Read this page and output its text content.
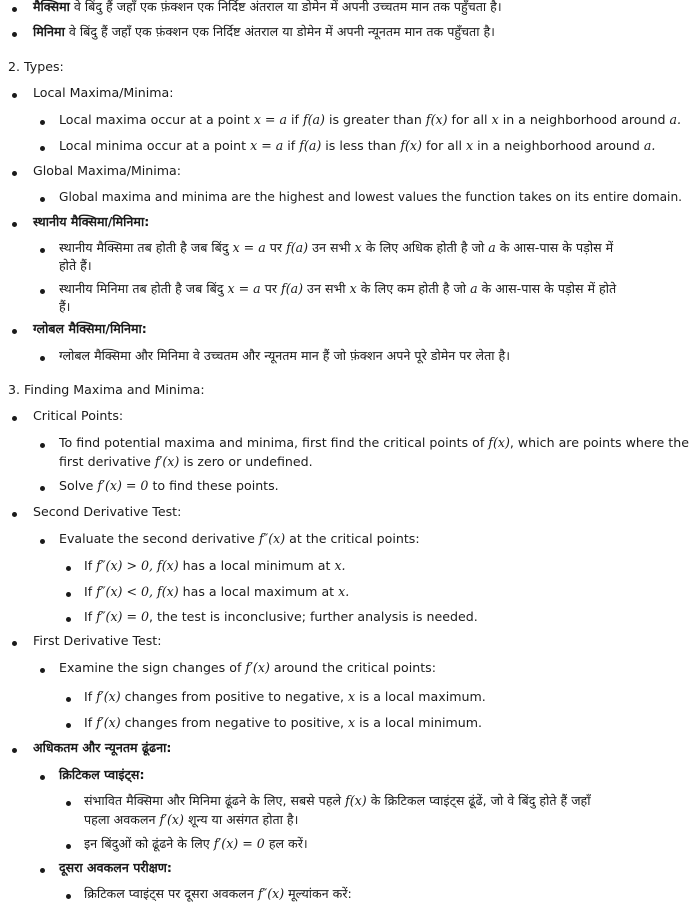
मैक्सिमा वे बिंदु हैं जहाँ एक फ़ंक्शन एक निर्दिष्ट अंतराल या डोमेन में अपनी उच्चतम मान तक पहुँचता है।
मिनिमा वे बिंदु हैं जहाँ एक फ़ंक्शन एक निर्दिष्ट अंतराल या डोमेन में अपनी न्यूनतम मान तक पहुँचता है।
2. Types:
Local Maxima/Minima:
Local maxima occur at a point x = a if f(a) is greater than f(x) for all x in a neighborhood around a.
Local minima occur at a point x = a if f(a) is less than f(x) for all x in a neighborhood around a.
Global Maxima/Minima:
Global maxima and minima are the highest and lowest values the function takes on its entire domain.
स्थानीय मैक्सिमा/मिनिमा:
स्थानीय मैक्सिमा तब होती है जब बिंदु x = a पर f(a) उन सभी x के लिए अधिक होती है जो a के आस-पास के पड़ोस में होते हैं।
स्थानीय मिनिमा तब होती है जब बिंदु x = a पर f(a) उन सभी x के लिए कम होती है जो a के आस-पास के पड़ोस में होते हैं।
ग्लोबल मैक्सिमा/मिनिमा:
ग्लोबल मैक्सिमा और मिनिमा वे उच्चतम और न्यूनतम मान हैं जो फ़ंक्शन अपने पूरे डोमेन पर लेता है।
3. Finding Maxima and Minima:
Critical Points:
To find potential maxima and minima, first find the critical points of f(x), which are points where the
first derivative f′(x) is zero or undefined.
Solve f′(x) = 0 to find these points.
Second Derivative Test:
Evaluate the second derivative f″(x) at the critical points:
If f″(x) > 0, f(x) has a local minimum at x.
If f″(x) < 0, f(x) has a local maximum at x.
If f″(x) = 0, the test is inconclusive; further analysis is needed.
First Derivative Test:
Examine the sign changes of f′(x) around the critical points:
If f′(x) changes from positive to negative, x is a local maximum.
If f′(x) changes from negative to positive, x is a local minimum.
अधिकतम और न्यूनतम ढूंढना:
क्रिटिकल प्वाइंट्स:
संभावित मैक्सिमा और मिनिमा ढूंढने के लिए, सबसे पहले f(x) के क्रिटिकल प्वाइंट्स ढूंढें, जो वे बिंदु होते हैं जहाँ
पहला अवकलन f′(x) शून्य या असंगत होता है।
इन बिंदुओं को ढूंढने के लिए f′(x) = 0 हल करें।
दूसरा अवकलन परीक्षण:
क्रिटिकल प्वाइंट्स पर दूसरा अवकलन f″(x) मूल्यांकन करें:
